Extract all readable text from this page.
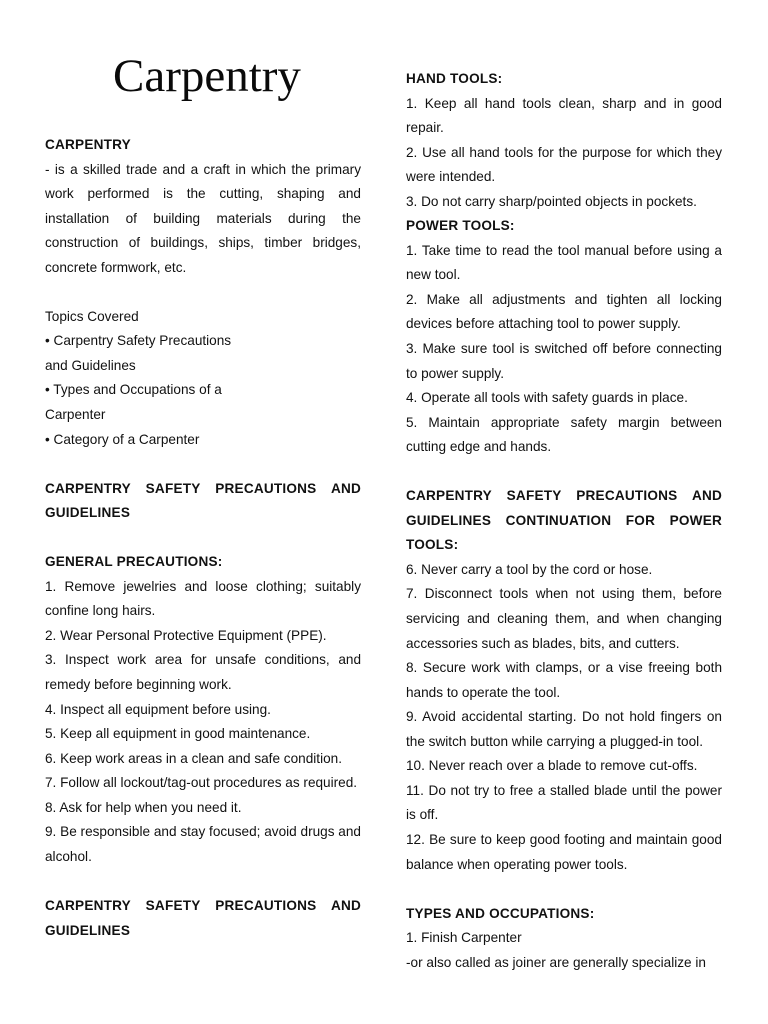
Carpentry

CARPENTRY

- is a skilled trade and a craft in which the primary work performed is the cutting, shaping and installation of building materials during the construction of buildings, ships, timber bridges, concrete formwork, etc.

Topics Covered

• Carpentry Safety Precautions

and Guidelines

• Types and Occupations of a

Carpenter

• Category of a Carpenter

CARPENTRY SAFETY PRECAUTIONS AND GUIDELINES

GENERAL PRECAUTIONS:

1. Remove jewelries and loose clothing; suitably confine long hairs.

2. Wear Personal Protective Equipment (PPE).

3. Inspect work area for unsafe conditions, and remedy before beginning work.

4. Inspect all equipment before using.

5. Keep all equipment in good maintenance.

6. Keep work areas in a clean and safe condition.

7. Follow all lockout/tag-out procedures as required.

8. Ask for help when you need it.

9. Be responsible and stay focused; avoid drugs and alcohol.

CARPENTRY SAFETY PRECAUTIONS AND GUIDELINES

HAND TOOLS:

1. Keep all hand tools clean, sharp and in good repair.

2. Use all hand tools for the purpose for which they were intended.

3. Do not carry sharp/pointed objects in pockets.

POWER TOOLS:

1. Take time to read the tool manual before using a new tool.

2. Make all adjustments and tighten all locking devices before attaching tool to power supply.

3. Make sure tool is switched off before connecting to power supply.

4. Operate all tools with safety guards in place.

5. Maintain appropriate safety margin between cutting edge and hands.

CARPENTRY SAFETY PRECAUTIONS AND GUIDELINES CONTINUATION FOR POWER TOOLS:

6. Never carry a tool by the cord or hose.

7. Disconnect tools when not using them, before servicing and cleaning them, and when changing accessories such as blades, bits, and cutters.

8. Secure work with clamps, or a vise freeing both hands to operate the tool.

9. Avoid accidental starting. Do not hold fingers on the switch button while carrying a plugged-in tool.

10. Never reach over a blade to remove cut-offs.

11. Do not try to free a stalled blade until the power is off.

12. Be sure to keep good footing and maintain good balance when operating power tools.

TYPES AND OCCUPATIONS:

1. Finish Carpenter

-or also called as joiner are generally specialize in
